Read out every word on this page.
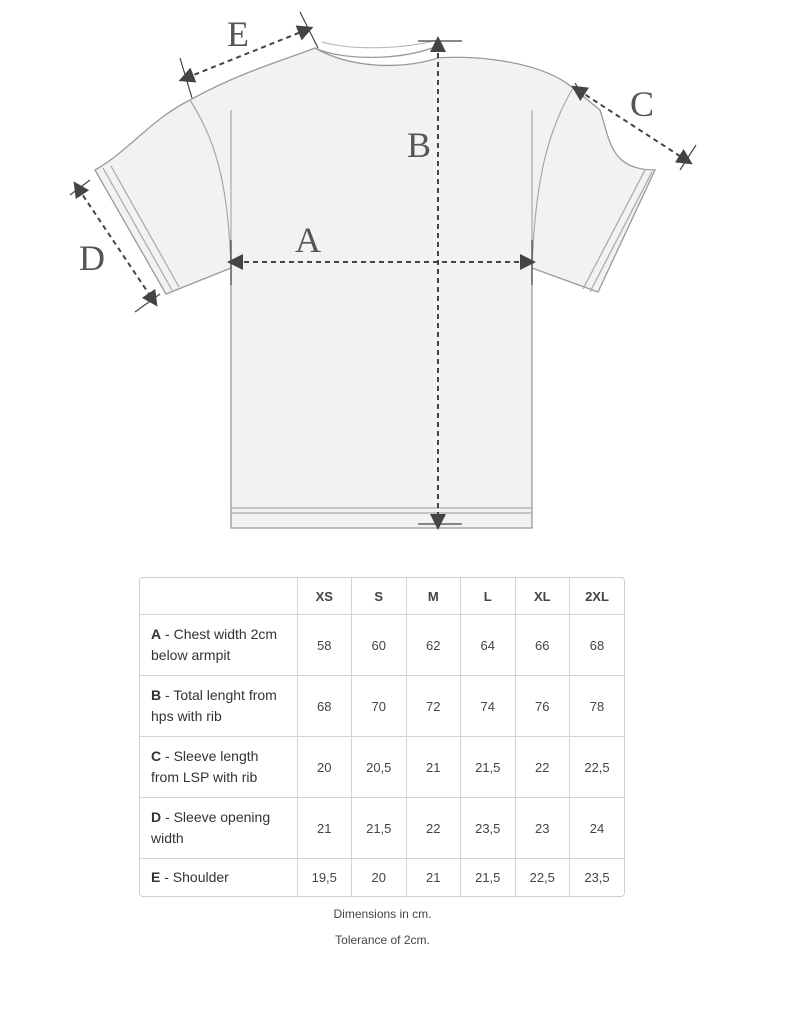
A
B
C
D
E
	XS	S	M	L	XL	2XL
A - Chest width 2cm below armpit	58	60	62	64	66	68
B - Total lenght from hps with rib	68	70	72	74	76	78
C - Sleeve length from LSP with rib	20	20,5	21	21,5	22	22,5
D - Sleeve opening width	21	21,5	22	23,5	23	24
E - Shoulder	19,5	20	21	21,5	22,5	23,5
Dimensions in cm.
Tolerance of 2cm.
